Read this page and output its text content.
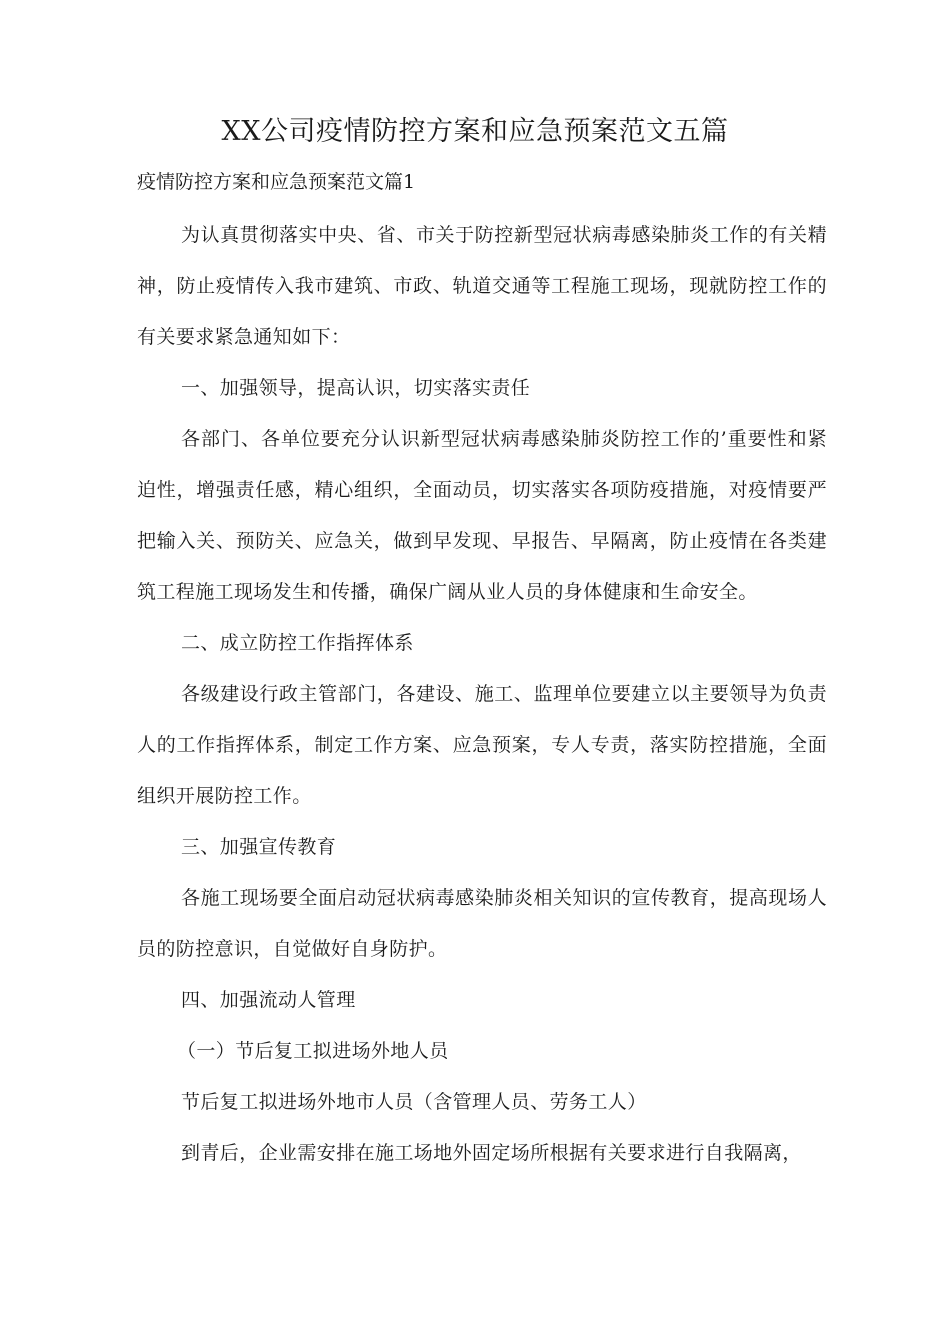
XX公司疫情防控方案和应急预案范文五篇
疫情防控方案和应急预案范文篇1

为认真贯彻落实中央、省、市关于防控新型冠状病毒感染肺炎工作的有关精神，防止疫情传入我市建筑、市政、轨道交通等工程施工现场，现就防控工作的有关要求紧急通知如下：

一、加强领导，提高认识，切实落实责任

各部门、各单位要充分认识新型冠状病毒感染肺炎防控工作的’重要性和紧迫性，增强责任感，精心组织，全面动员，切实落实各项防疫措施，对疫情要严把输入关、预防关、应急关，做到早发现、早报告、早隔离，防止疫情在各类建筑工程施工现场发生和传播，确保广阔从业人员的身体健康和生命安全。

二、成立防控工作指挥体系

各级建设行政主管部门，各建设、施工、监理单位要建立以主要领导为负责人的工作指挥体系，制定工作方案、应急预案，专人专责，落实防控措施，全面组织开展防控工作。

三、加强宣传教育

各施工现场要全面启动冠状病毒感染肺炎相关知识的宣传教育，提高现场人员的防控意识，自觉做好自身防护。

四、加强流动人管理

（一）节后复工拟进场外地人员

节后复工拟进场外地市人员（含管理人员、劳务工人）

到青后，企业需安排在施工场地外固定场所根据有关要求进行自我隔离，
